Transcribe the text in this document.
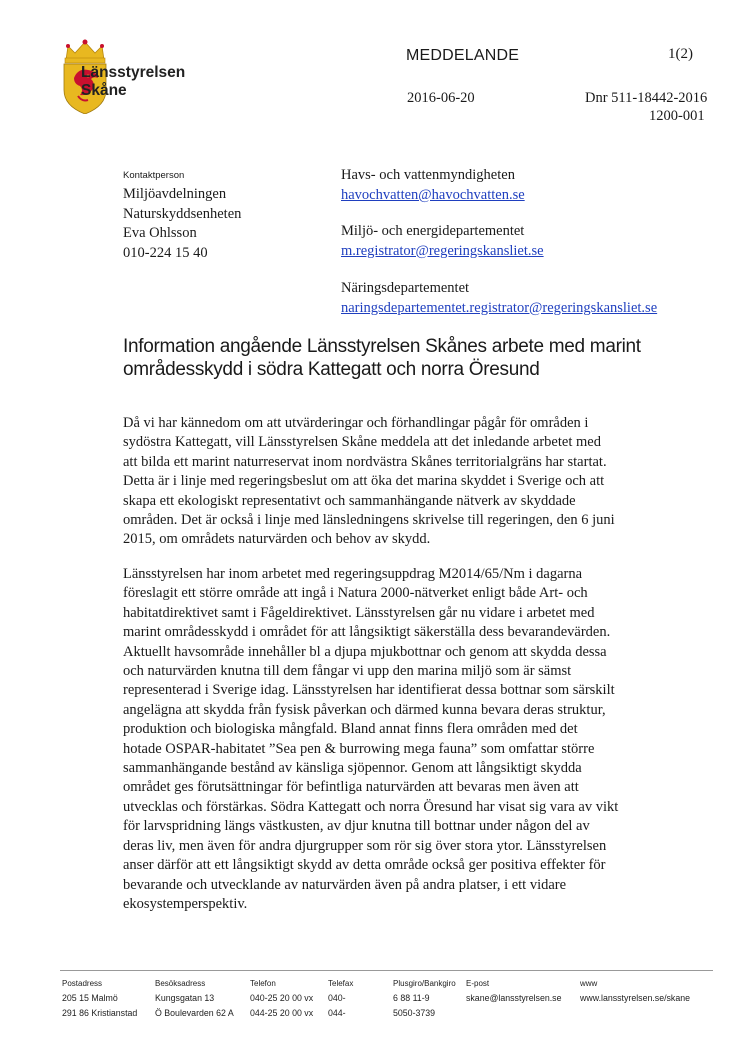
Länsstyrelsen
Skåne
MEDDELANDE	1(2)
2016-06-20	Dnr 511-18442-2016
1200-001
Kontaktperson
Miljöavdelningen
Naturskyddsenheten
Eva Ohlsson
010-224 15 40
Havs- och vattenmyndigheten
havochvatten@havochvatten.se
Miljö- och energidepartementet
m.registrator@regeringskansliet.se
Näringsdepartementet
naringsdepartementet.registrator@regeringskansliet.se
Information angående Länsstyrelsen Skånes arbete med marint
områdesskydd i södra Kattegatt och norra Öresund
Då vi har kännedom om att utvärderingar och förhandlingar pågår för områden i
sydöstra Kattegatt, vill Länsstyrelsen Skåne meddela att det inledande arbetet med
att bilda ett marint naturreservat inom nordvästra Skånes territorialgräns har startat.
Detta är i linje med regeringsbeslut om att öka det marina skyddet i Sverige och att
skapa ett ekologiskt representativt och sammanhängande nätverk av skyddade
områden. Det är också i linje med länsledningens skrivelse till regeringen, den 6 juni
2015, om områdets naturvärden och behov av skydd.
Länsstyrelsen har inom arbetet med regeringsuppdrag M2014/65/Nm i dagarna
föreslagit ett större område att ingå i Natura 2000-nätverket enligt både Art- och
habitatdirektivet samt i Fågeldirektivet. Länsstyrelsen går nu vidare i arbetet med
marint områdesskydd i området för att långsiktigt säkerställa dess bevarandevärden.
Aktuellt havsområde innehåller bl a djupa mjukbottnar och genom att skydda dessa
och naturvärden knutna till dem fångar vi upp den marina miljö som är sämst
representerad i Sverige idag. Länsstyrelsen har identifierat dessa bottnar som särskilt
angelägna att skydda från fysisk påverkan och därmed kunna bevara deras struktur,
produktion och biologiska mångfald. Bland annat finns flera områden med det
hotade OSPAR-habitatet ”Sea pen & burrowing mega fauna” som omfattar större
sammanhängande bestånd av känsliga sjöpennor. Genom att långsiktigt skydda
området ges förutsättningar för befintliga naturvärden att bevaras men även att
utvecklas och förstärkas. Södra Kattegatt och norra Öresund har visat sig vara av vikt
för larvspridning längs västkusten, av djur knutna till bottnar under någon del av
deras liv, men även för andra djurgrupper som rör sig över stora ytor. Länsstyrelsen
anser därför att ett långsiktigt skydd av detta område också ger positiva effekter för
bevarande och utvecklande av naturvärden även på andra platser, i ett vidare
ekosystemperspektiv.
Postadress
205 15 Malmö
291 86 Kristianstad
Besöksadress
Kungsgatan 13
Ö Boulevarden 62 A
Telefon
040-25 20 00 vx
044-25 20 00 vx
Telefax
040-
044-
Plusgiro/Bankgiro
6 88 11-9
5050-3739
E-post
skane@lansstyrelsen.se
www
www.lansstyrelsen.se/skane
